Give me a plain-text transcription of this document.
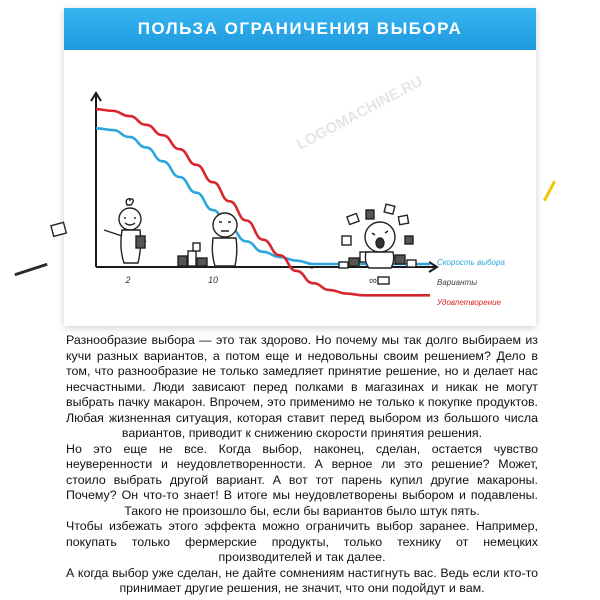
ПОЛЬЗА ОГРАНИЧЕНИЯ ВЫБОРА
LOGOMACHINE.RU
~
2	10	∞	Варианты
Скорость выбора
Удовлетворение

Разнообразие выбора — это так здорово. Но почему мы так долго выбираем из кучи разных вариантов, а потом еще и недовольны своим решением? Дело в том, что разнообразие не только замедляет принятие решение, но и делает нас несчастными. Люди зависают перед полками в магазинах и никак не могут выбрать пачку макарон. Впрочем, это применимо не только к покупке продуктов. Любая жизненная ситуация, которая ставит перед выбором из большого числа вариантов, приводит к снижению скорости принятия решения.

Но это еще не все. Когда выбор, наконец, сделан, остается чувство неуверенности и неудовлетворенности. А верное ли это решение? Может, стоило выбрать другой вариант. А вот тот парень купил другие макароны. Почему? Он что-то знает! В итоге мы неудовлетворены выбором и подавлены. Такого не произошло бы, если бы вариантов было штук пять.

Чтобы избежать этого эффекта можно ограничить выбор заранее. Например, покупать только фермерские продукты, только технику от немецких производителей и так далее.

А когда выбор уже сделан, не дайте сомнениям настигнуть вас. Ведь если кто-то принимает другие решения, не значит, что они подойдут и вам.
